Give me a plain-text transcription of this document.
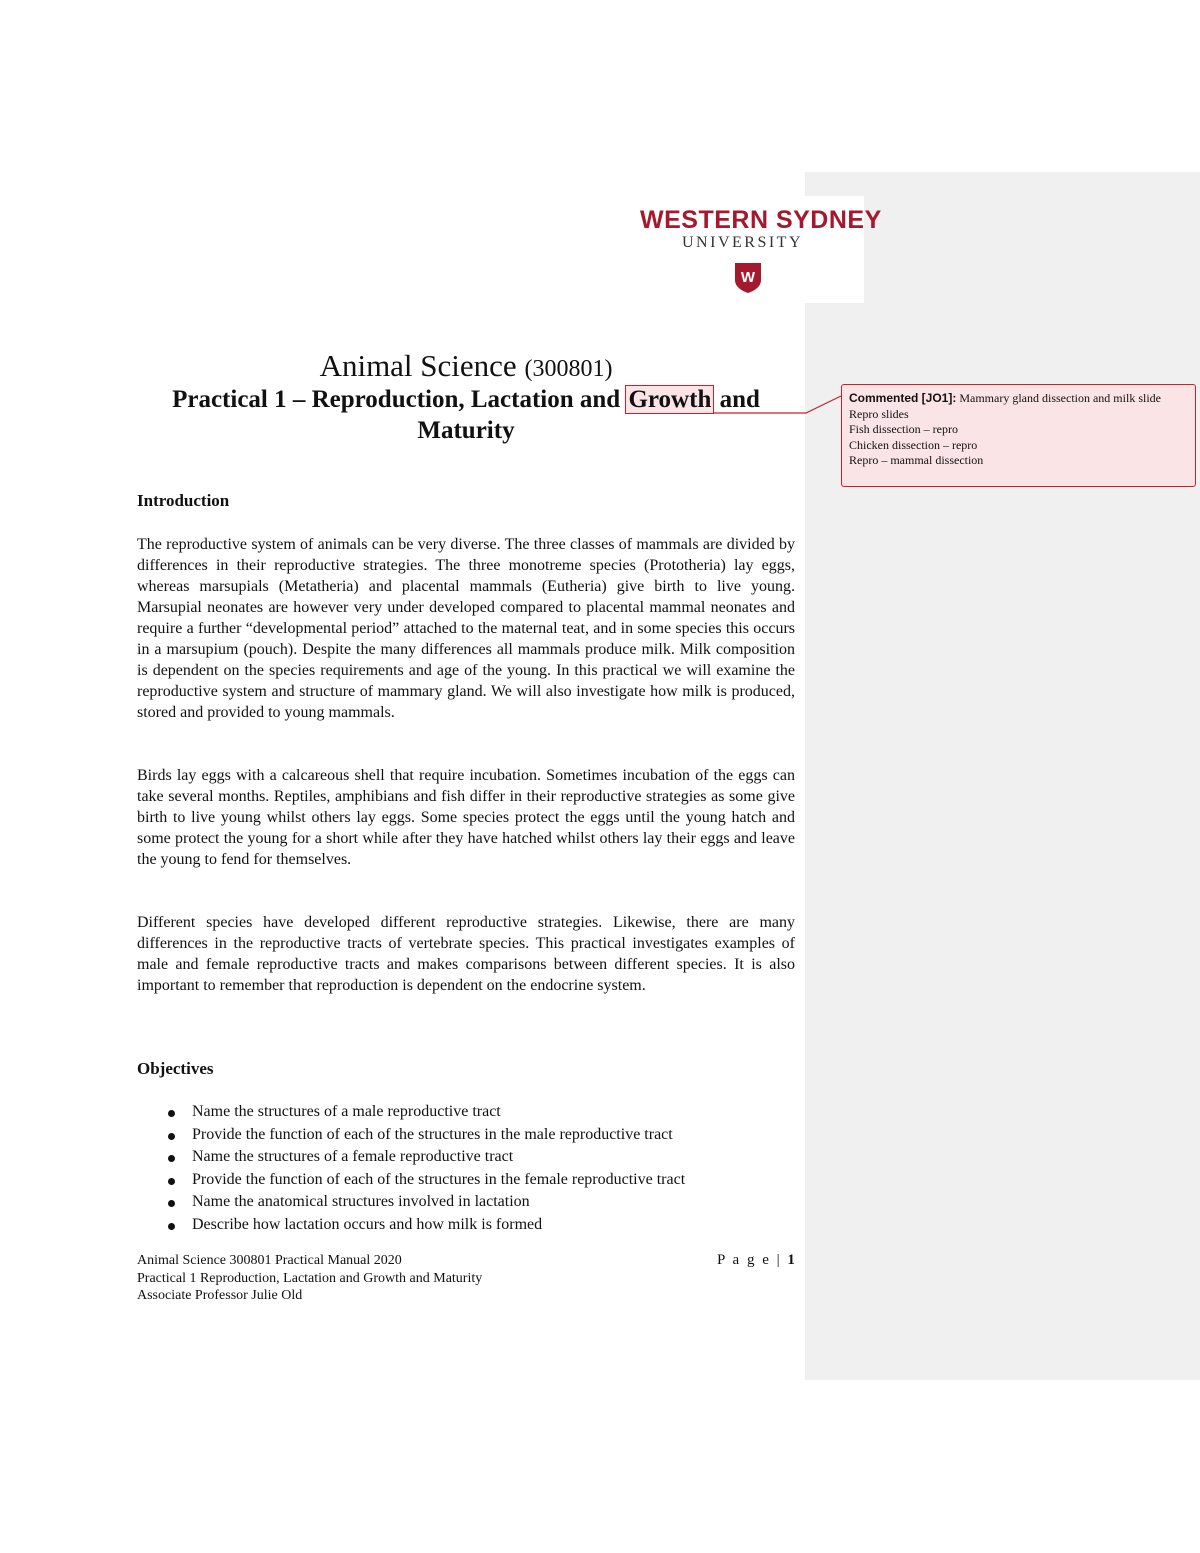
WESTERN SYDNEY
UNIVERSITY
W
Animal Science (300801)
Practical 1 – Reproduction, Lactation and Growth and Maturity
Introduction
The reproductive system of animals can be very diverse. The three classes of mammals are divided by differences in their reproductive strategies. The three monotreme species (Prototheria) lay eggs, whereas marsupials (Metatheria) and placental mammals (Eutheria) give birth to live young. Marsupial neonates are however very under developed compared to placental mammal neonates and require a further “developmental period” attached to the maternal teat, and in some species this occurs in a marsupium (pouch). Despite the many differences all mammals produce milk. Milk composition is dependent on the species requirements and age of the young. In this practical we will examine the reproductive system and structure of mammary gland. We will also investigate how milk is produced, stored and provided to young mammals.
Birds lay eggs with a calcareous shell that require incubation. Sometimes incubation of the eggs can take several months. Reptiles, amphibians and fish differ in their reproductive strategies as some give birth to live young whilst others lay eggs. Some species protect the eggs until the young hatch and some protect the young for a short while after they have hatched whilst others lay their eggs and leave the young to fend for themselves.
Different species have developed different reproductive strategies. Likewise, there are many differences in the reproductive tracts of vertebrate species. This practical investigates examples of male and female reproductive tracts and makes comparisons between different species. It is also important to remember that reproduction is dependent on the endocrine system.
Objectives
Name the structures of a male reproductive tract
Provide the function of each of the structures in the male reproductive tract
Name the structures of a female reproductive tract
Provide the function of each of the structures in the female reproductive tract
Name the anatomical structures involved in lactation
Describe how lactation occurs and how milk is formed
Animal Science 300801 Practical Manual 2020
Practical 1 Reproduction, Lactation and Growth and Maturity
Associate Professor Julie Old
P a g e | 1
Commented [JO1]: Mammary gland dissection and milk slide
Repro slides
Fish dissection – repro
Chicken dissection – repro
Repro – mammal dissection
